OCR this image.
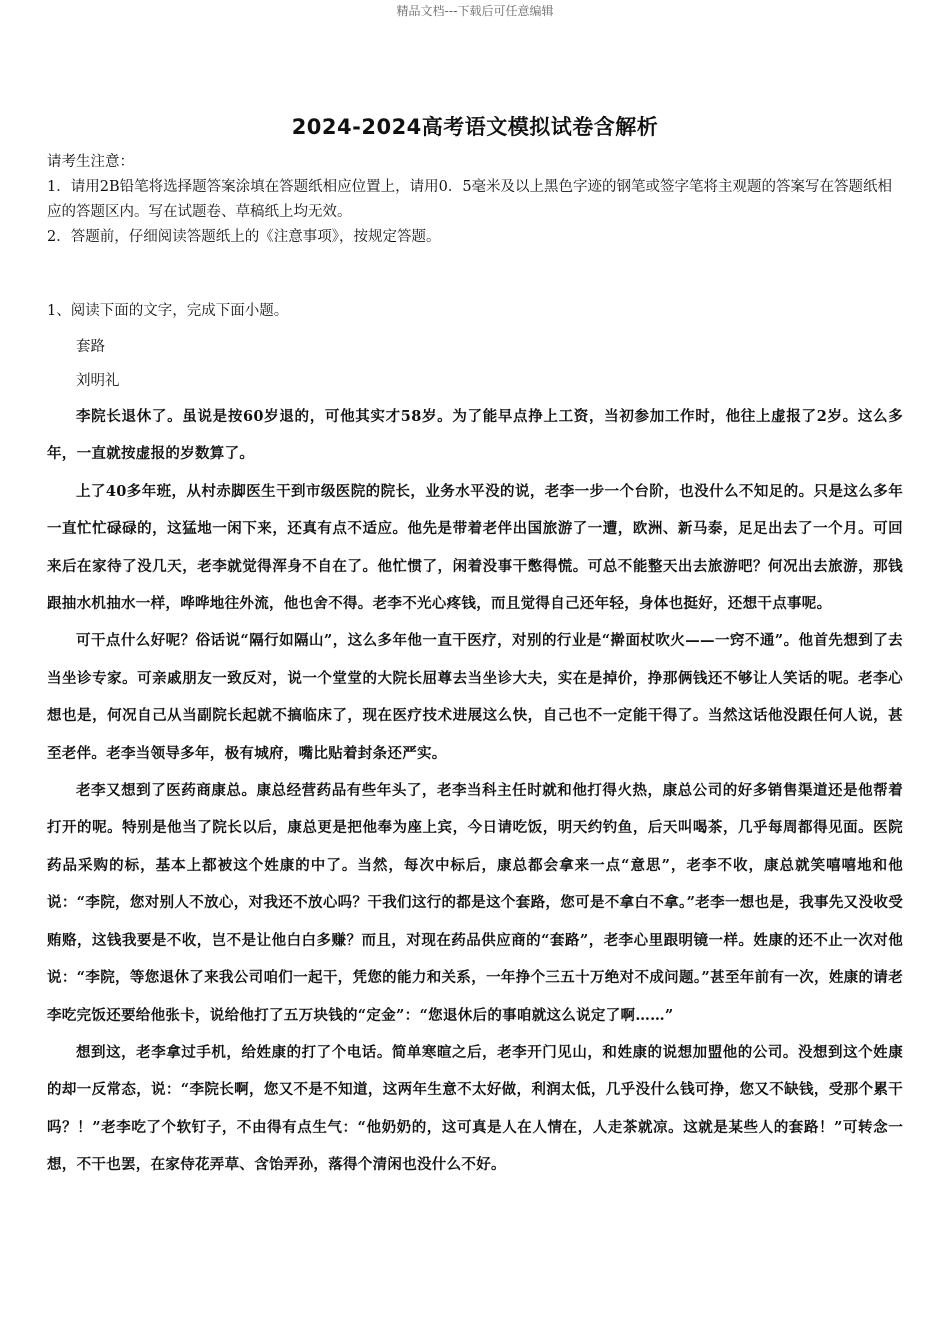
精品文档---下载后可任意编辑
2024-2024高考语文模拟试卷含解析

请考生注意：

1．请用2B铅笔将选择题答案涂填在答题纸相应位置上，请用0．5毫米及以上黑色字迹的钢笔或签字笔将主观题的答案写在答题纸相应的答题区内。写在试题卷、草稿纸上均无效。

2．答题前，仔细阅读答题纸上的《注意事项》，按规定答题。

1、阅读下面的文字，完成下面小题。

套路

刘明礼

李院长退休了。虽说是按60岁退的，可他其实才58岁。为了能早点挣上工资，当初参加工作时，他往上虚报了2岁。这么多年，一直就按虚报的岁数算了。

上了40多年班，从村赤脚医生干到市级医院的院长，业务水平没的说，老李一步一个台阶，也没什么不知足的。只是这么多年一直忙忙碌碌的，这猛地一闲下来，还真有点不适应。他先是带着老伴出国旅游了一遭，欧洲、新马泰，足足出去了一个月。可回来后在家待了没几天，老李就觉得浑身不自在了。他忙惯了，闲着没事干憋得慌。可总不能整天出去旅游吧？何况出去旅游，那钱跟抽水机抽水一样，哗哗地往外流，他也舍不得。老李不光心疼钱，而且觉得自己还年轻，身体也挺好，还想干点事呢。

可干点什么好呢？俗话说“隔行如隔山”，这么多年他一直干医疗，对别的行业是“擀面杖吹火——一窍不通”。他首先想到了去当坐诊专家。可亲戚朋友一致反对，说一个堂堂的大院长屈尊去当坐诊大夫，实在是掉价，挣那俩钱还不够让人笑话的呢。老李心想也是，何况自己从当副院长起就不搞临床了，现在医疗技术进展这么快，自己也不一定能干得了。当然这话他没跟任何人说，甚至老伴。老李当领导多年，极有城府，嘴比贴着封条还严实。

老李又想到了医药商康总。康总经营药品有些年头了，老李当科主任时就和他打得火热，康总公司的好多销售渠道还是他帮着打开的呢。特别是他当了院长以后，康总更是把他奉为座上宾，今日请吃饭，明天约钓鱼，后天叫喝茶，几乎每周都得见面。医院药品采购的标，基本上都被这个姓康的中了。当然，每次中标后，康总都会拿来一点“意思”，老李不收，康总就笑嘻嘻地和他说：“李院，您对别人不放心，对我还不放心吗？干我们这行的都是这个套路，您可是不拿白不拿。”老李一想也是，我事先又没收受贿赂，这钱我要是不收，岂不是让他白白多赚？而且，对现在药品供应商的“套路”，老李心里跟明镜一样。姓康的还不止一次对他说：“李院，等您退休了来我公司咱们一起干，凭您的能力和关系，一年挣个三五十万绝对不成问题。”甚至年前有一次，姓康的请老李吃完饭还要给他张卡，说给他打了五万块钱的“定金”：“您退休后的事咱就这么说定了啊……”

想到这，老李拿过手机，给姓康的打了个电话。简单寒暄之后，老李开门见山，和姓康的说想加盟他的公司。没想到这个姓康的却一反常态，说：“李院长啊，您又不是不知道，这两年生意不太好做，利润太低，几乎没什么钱可挣，您又不缺钱，受那个累干吗？！”老李吃了个软钉子，不由得有点生气：“他奶奶的，这可真是人在人情在，人走茶就凉。这就是某些人的套路！”可转念一想，不干也罢，在家侍花弄草、含饴弄孙，落得个清闲也没什么不好。
